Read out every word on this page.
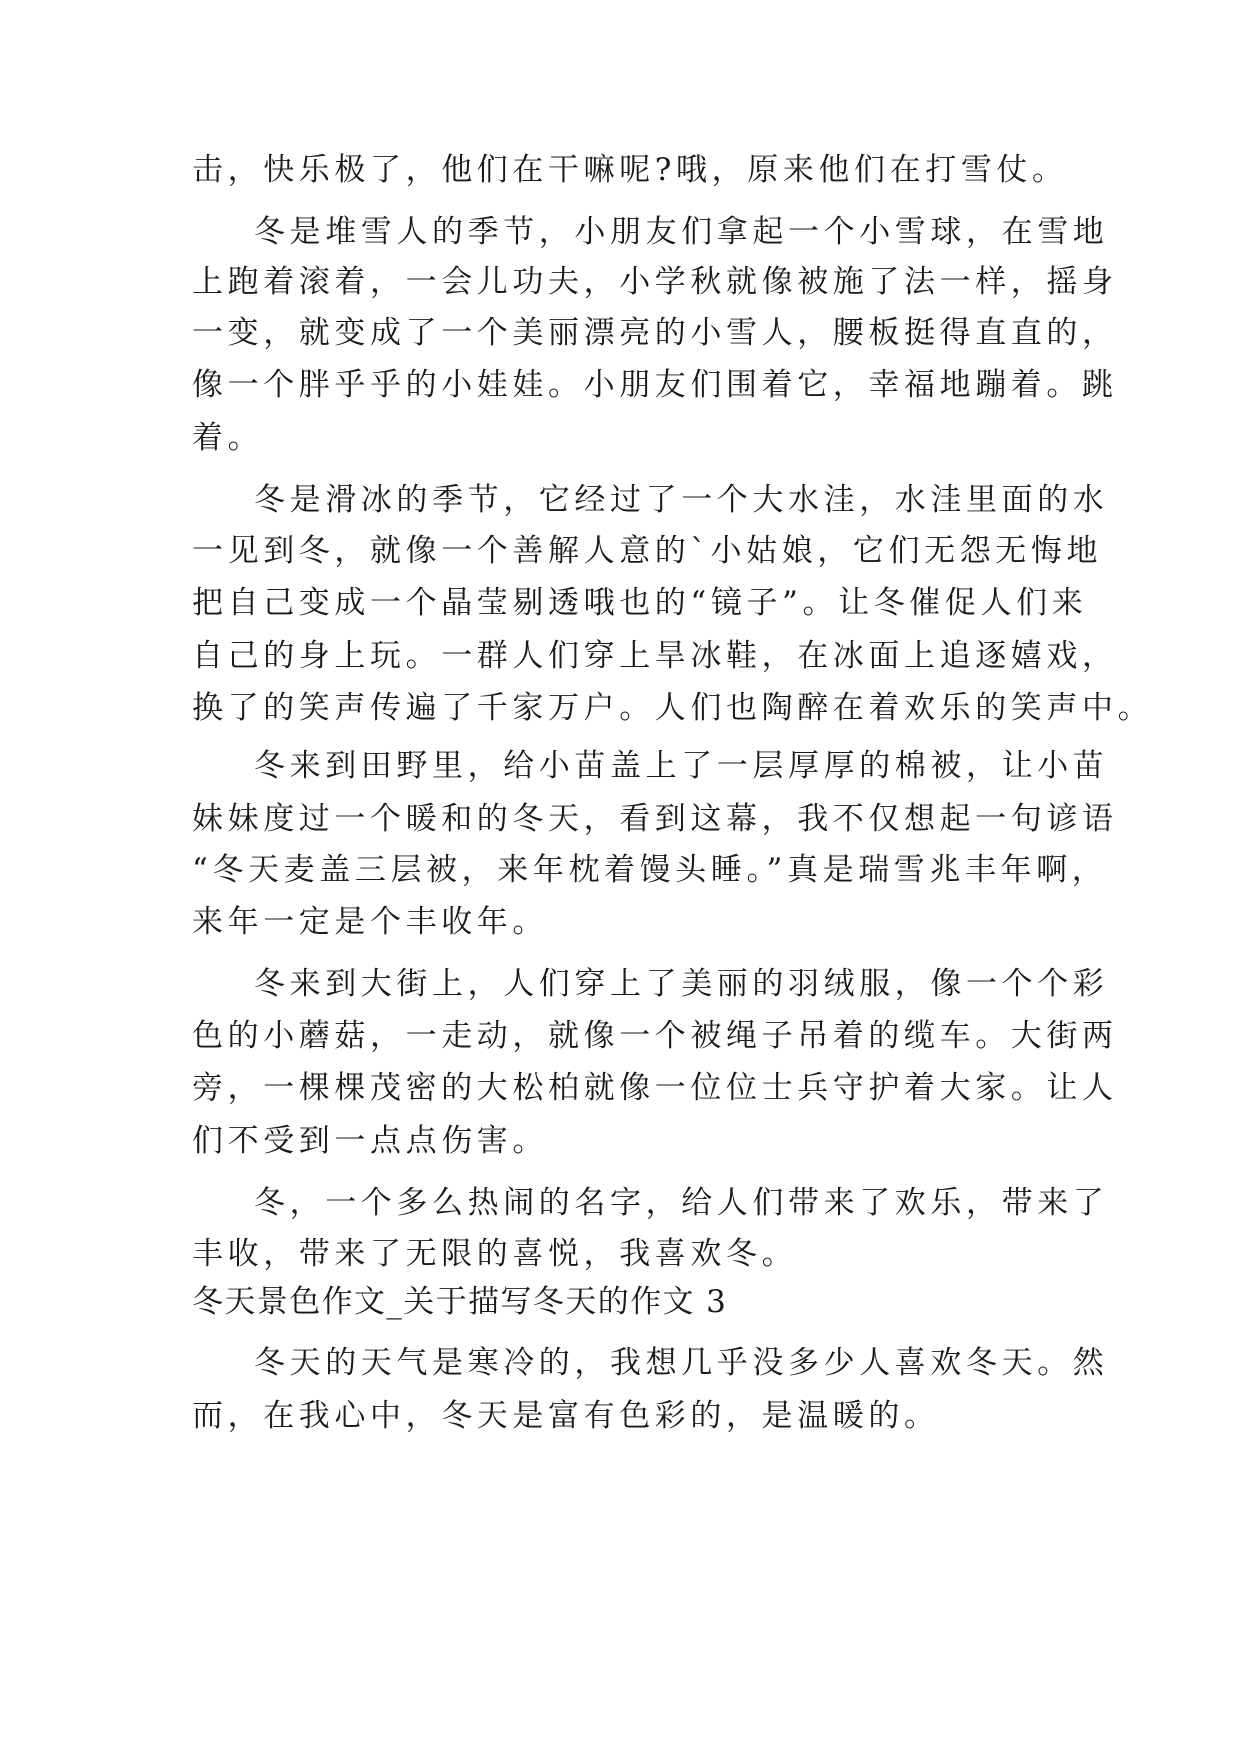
击，快乐极了，他们在干嘛呢?哦，原来他们在打雪仗。
冬是堆雪人的季节，小朋友们拿起一个小雪球，在雪地
上跑着滚着，一会儿功夫，小学秋就像被施了法一样，摇身
一变，就变成了一个美丽漂亮的小雪人，腰板挺得直直的，
像一个胖乎乎的小娃娃。小朋友们围着它，幸福地蹦着。跳
着。
冬是滑冰的季节，它经过了一个大水洼，水洼里面的水
一见到冬，就像一个善解人意的`小姑娘，它们无怨无悔地
把自己变成一个晶莹剔透哦也的“镜子”。让冬催促人们来
自己的身上玩。一群人们穿上旱冰鞋，在冰面上追逐嬉戏，
换了的笑声传遍了千家万户。人们也陶醉在着欢乐的笑声中。
冬来到田野里，给小苗盖上了一层厚厚的棉被，让小苗
妹妹度过一个暖和的冬天，看到这幕，我不仅想起一句谚语
“冬天麦盖三层被，来年枕着馒头睡。”真是瑞雪兆丰年啊，
来年一定是个丰收年。
冬来到大街上，人们穿上了美丽的羽绒服，像一个个彩
色的小蘑菇，一走动，就像一个被绳子吊着的缆车。大街两
旁，一棵棵茂密的大松柏就像一位位士兵守护着大家。让人
们不受到一点点伤害。
冬，一个多么热闹的名字，给人们带来了欢乐，带来了
丰收，带来了无限的喜悦，我喜欢冬。
冬天景色作文_关于描写冬天的作文 3
冬天的天气是寒冷的，我想几乎没多少人喜欢冬天。然
而，在我心中，冬天是富有色彩的，是温暖的。
